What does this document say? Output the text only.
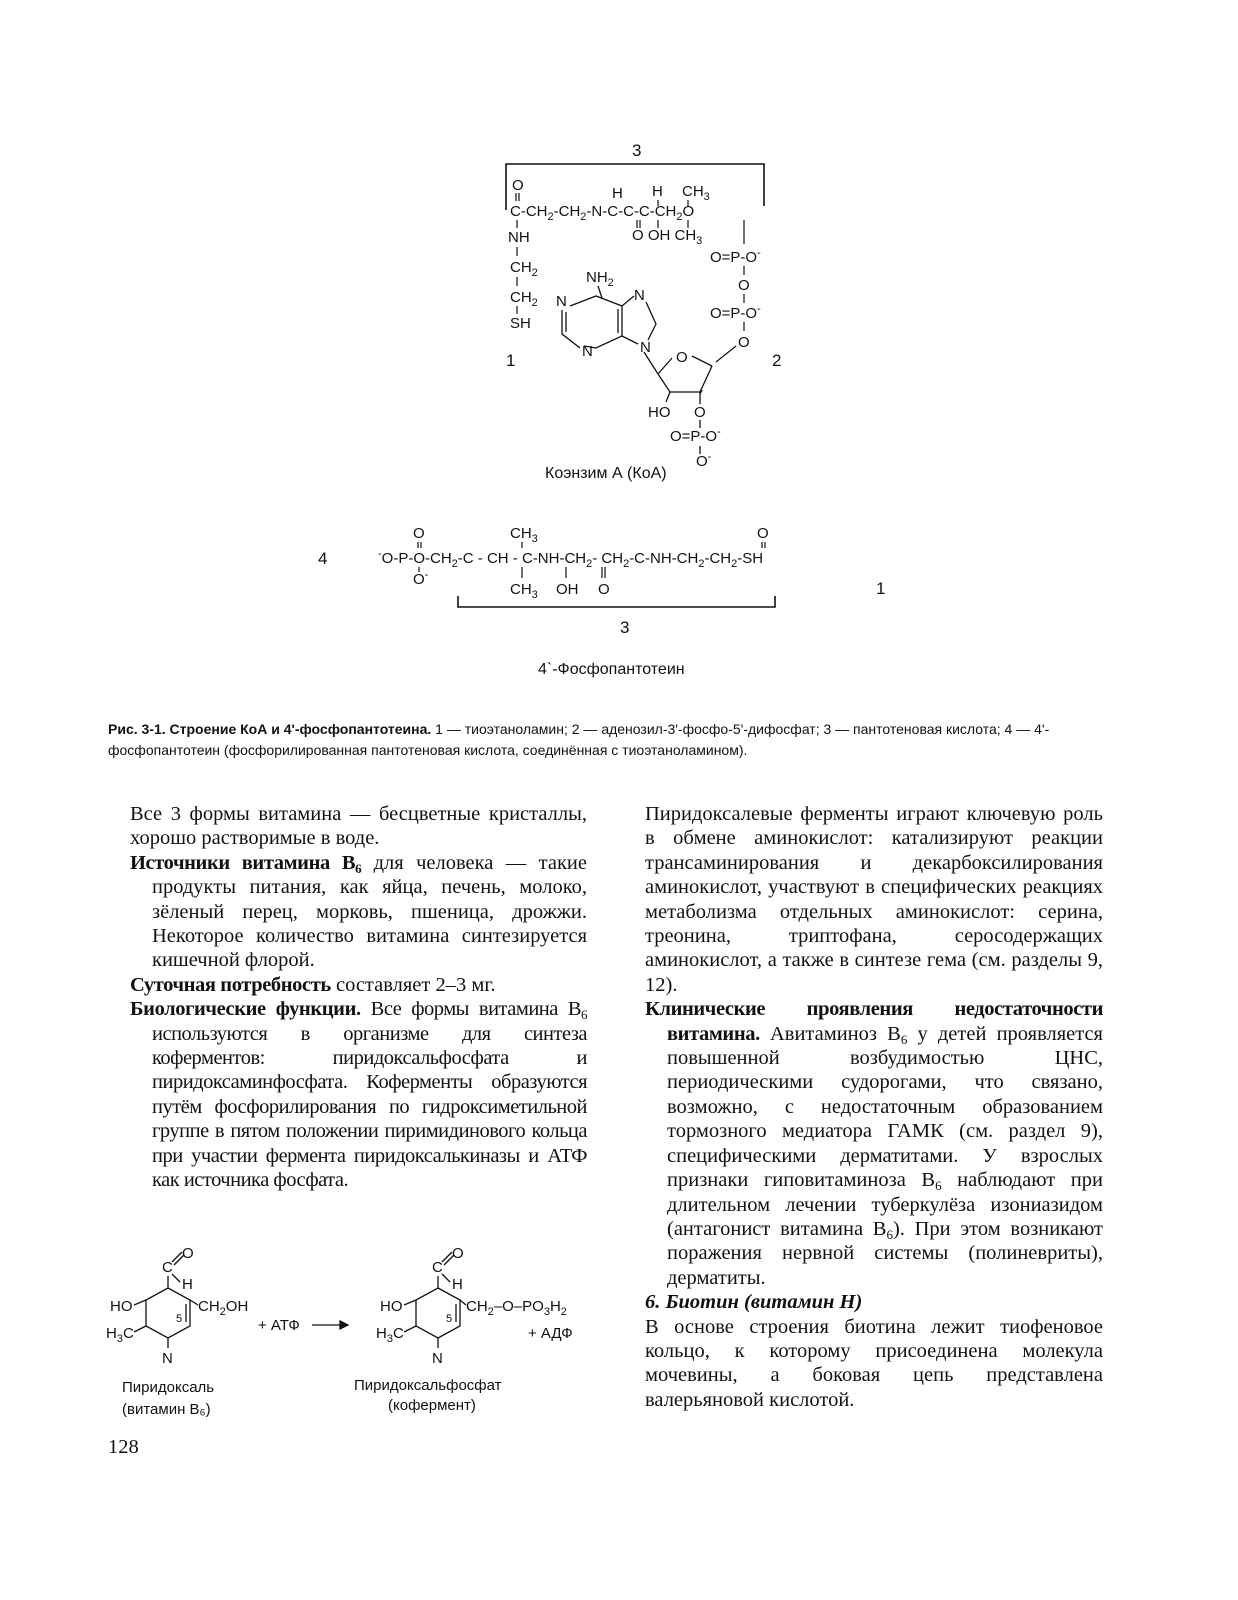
3
O	H H $CH_3$
$C-CH_2-CH_2-N-C-C-C-CH_2O$
O OH $CH_3$
NH
$CH_2$
$CH_2$
SH
O=P-O-
O
O=P-O-
O
$NH_2$
N	N
N	N
O
HO O
O=P-O-
O-
1	2
Коэнзим А (КоА)
4
O	$CH_3$	O
$^-O-P-O-CH_2-C$ - CH - $C-NH-CH_2-$ $CH_2-C-NH-CH_2-CH_2-SH$
O-
$CH_3$ OH O	1
3
4`-Фосфопантотеин
Рис. 3-1. Строение КоА и 4'-фосфопантотеина. 1 — тиоэтаноламин; 2 — аденозил-3'-фосфо-5'-дифосфат; 3 — пантотеновая кислота; 4 — 4'-фосфопантотеин (фосфорилированная пантотеновая кислота, соединённая с тиоэтаноламином).

Все 3 формы витамина — бесцветные кристаллы, хорошо растворимые в воде.

Источники витамина $B_6$ для человека — такие продукты питания, как яйца, печень, молоко, зёленый перец, морковь, пшеница, дрожжи. Некоторое количество витамина синтезируется кишечной флорой.

Суточная потребность составляет 2–3 мг.

Биологические функции. Все формы витамина $B_6$ используются в организме для синтеза коферментов: пиридоксальфосфата и пиридоксаминфосфата. Коферменты образуются путём фосфорилирования по гидроксиметильной группе в пятом положении пиримидинового кольца при участии фермента пиридоксалькиназы и АТФ как источника фосфата.

O
C
H
HO	$CH_2OH$
$H_3C$
N
5	+ АТФ
O
C
H
HO	$CH_2-O-PO_3H_2$
$H_3C$
N
5
+ АДФ
Пиридоксаль
(витамин B₆)
Пиридоксальфосфат
(кофермент)

Пиридоксалевые ферменты играют ключевую роль в обмене аминокислот: катализируют реакции трансаминирования и декарбоксилирования аминокислот, участвуют в специфических реакциях метаболизма отдельных аминокислот: серина, треонина, триптофана, серосодержащих аминокислот, а также в синтезе гема (см. разделы 9, 12).

Клинические проявления недостаточности витамина. Авитаминоз $B_6$ у детей проявляется повышенной возбудимостью ЦНС, периодическими судорогами, что связано, возможно, с недостаточным образованием тормозного медиатора ГАМК (см. раздел 9), специфическими дерматитами. У взрослых признаки гиповитаминоза $B_6$ наблюдают при длительном лечении туберкулёза изониазидом (антагонист витамина $B_6$). При этом возникают поражения нервной системы (полиневриты), дерматиты.

6. Биотин (витамин H)

В основе строения биотина лежит тиофеновое кольцо, к которому присоединена молекула мочевины, а боковая цепь представлена валерьяновой кислотой.

128
